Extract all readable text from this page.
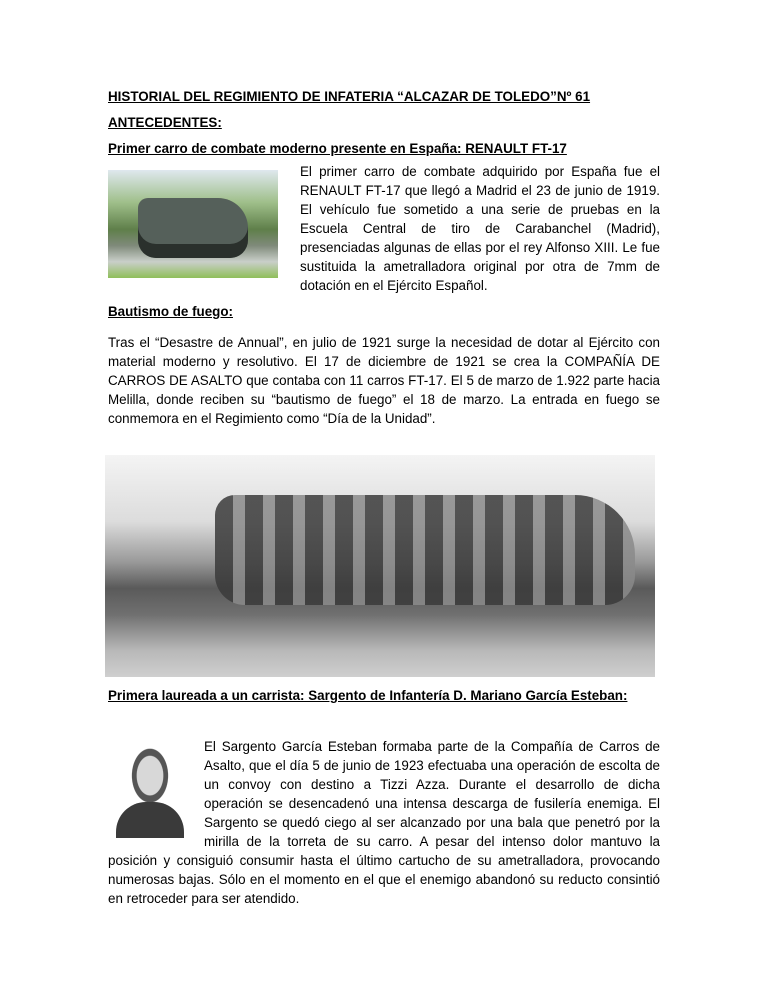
HISTORIAL DEL REGIMIENTO DE INFATERIA “ALCAZAR DE TOLEDO”Nº 61
ANTECEDENTES:
Primer carro de combate moderno presente en España: RENAULT FT-17

El primer carro de combate adquirido por España fue el RENAULT FT-17 que llegó a Madrid el 23 de junio de 1919. El vehículo fue sometido a una serie de pruebas en la Escuela Central de tiro de Carabanchel (Madrid), presenciadas algunas de ellas por el rey Alfonso XIII. Le fue sustituida la ametralladora original por otra de 7mm de dotación en el Ejército Español.

Bautismo de fuego:

Tras el “Desastre de Annual”, en julio de 1921 surge la necesidad de dotar al Ejército con material moderno y resolutivo. El 17 de diciembre de 1921 se crea la COMPAÑÍA DE CARROS DE ASALTO que contaba con 11 carros FT-17. El 5 de marzo de 1.922 parte hacia Melilla, donde reciben su “bautismo de fuego” el 18 de marzo. La entrada en fuego se conmemora en el Regimiento como “Día de la Unidad”.

Primera laureada a un carrista: Sargento de Infantería D. Mariano García Esteban:

El Sargento García Esteban formaba parte de la Compañía de Carros de Asalto, que el día 5 de junio de 1923 efectuaba una operación de escolta de un convoy con destino a Tizzi Azza. Durante el desarrollo de dicha operación se desencadenó una intensa descarga de fusilería enemiga. El Sargento se quedó ciego al ser alcanzado por una bala que penetró por la mirilla de la torreta de su carro. A pesar del intenso dolor mantuvo la posición y consiguió consumir hasta el último cartucho de su ametralladora, provocando numerosas bajas. Sólo en el momento en el que el enemigo abandonó su reducto consintió en retroceder para ser atendido.
